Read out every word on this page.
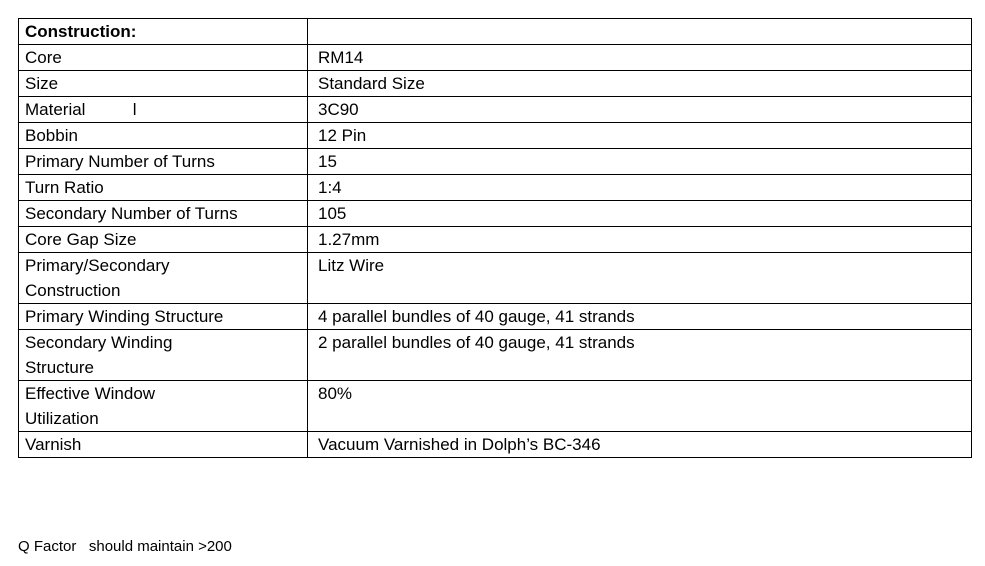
Construction:	
Core	RM14
Size	Standard Size
Material          l	3C90
Bobbin	12 Pin
Primary Number of Turns	15
Turn Ratio	1:4
Secondary Number of Turns	105
Core Gap Size	1.27mm
Primary/Secondary
Construction	Litz Wire
Primary Winding Structure	4 parallel bundles of 40 gauge, 41 strands
Secondary Winding
Structure	2 parallel bundles of 40 gauge, 41 strands
Effective Window
Utilization	80%
Varnish	Vacuum Varnished in Dolph’s BC-346
Q Factor   should maintain >200
